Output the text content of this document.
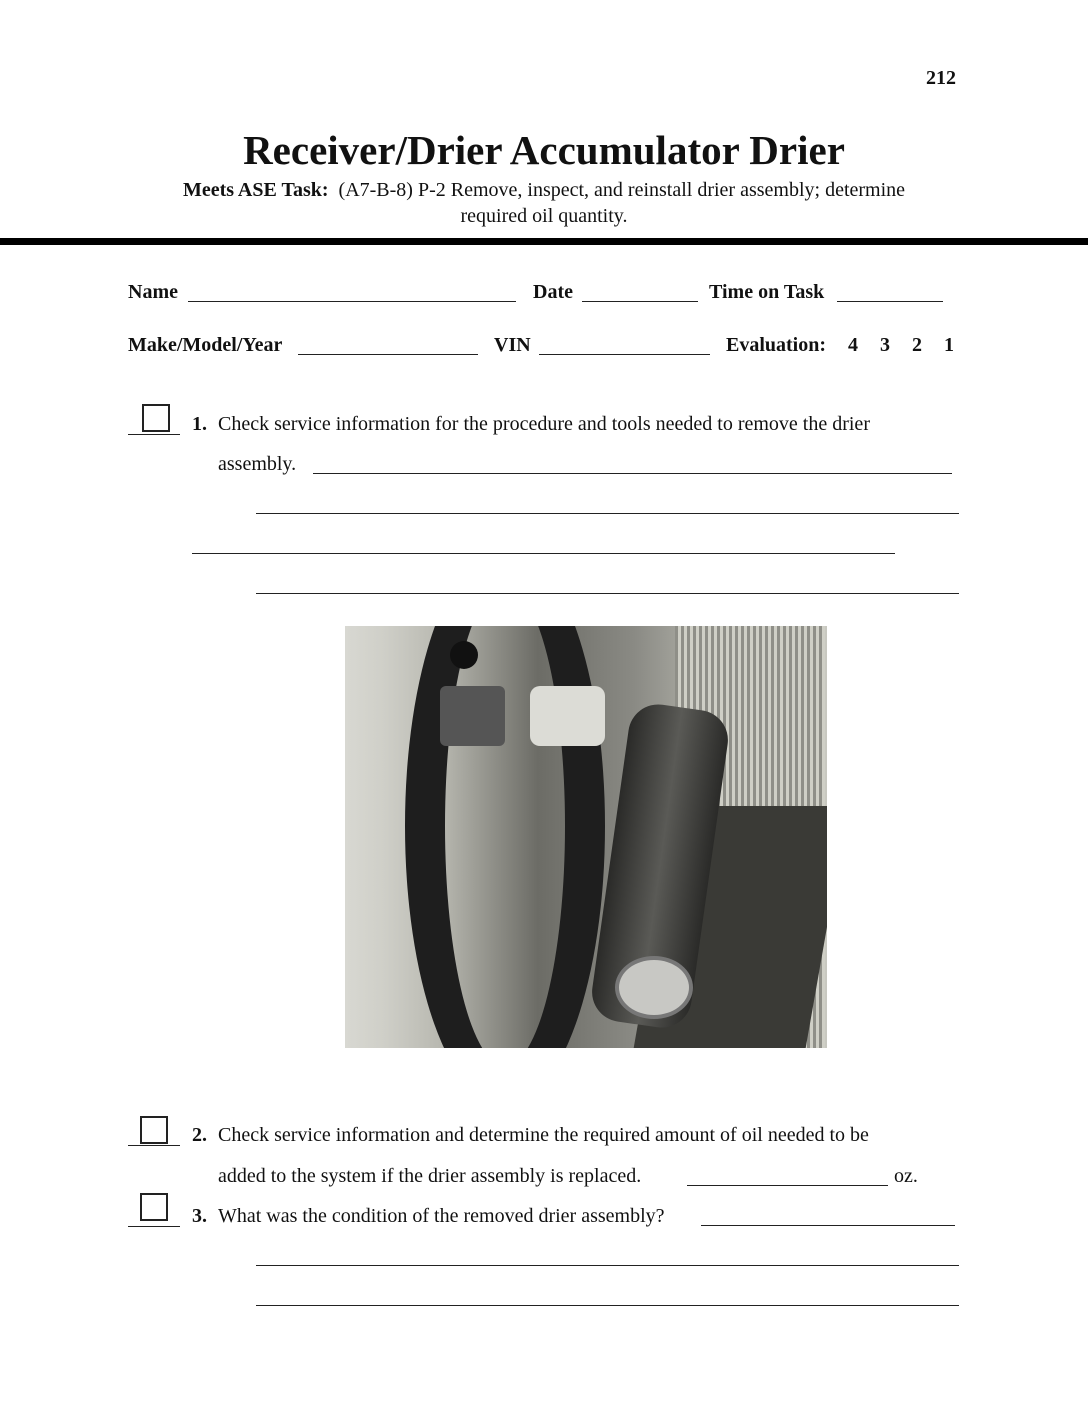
212
Receiver/Drier Accumulator Drier
Meets ASE Task: (A7-B-8) P-2 Remove, inspect, and reinstall drier assembly; determine
required oil quantity.
Name	Date	Time on Task
Make/Model/Year	VIN	Evaluation: 4 3 2 1
1. Check service information for the procedure and tools needed to remove the drier
assembly.
2. Check service information and determine the required amount of oil needed to be
added to the system if the drier assembly is replaced.	oz.
3. What was the condition of the removed drier assembly?
